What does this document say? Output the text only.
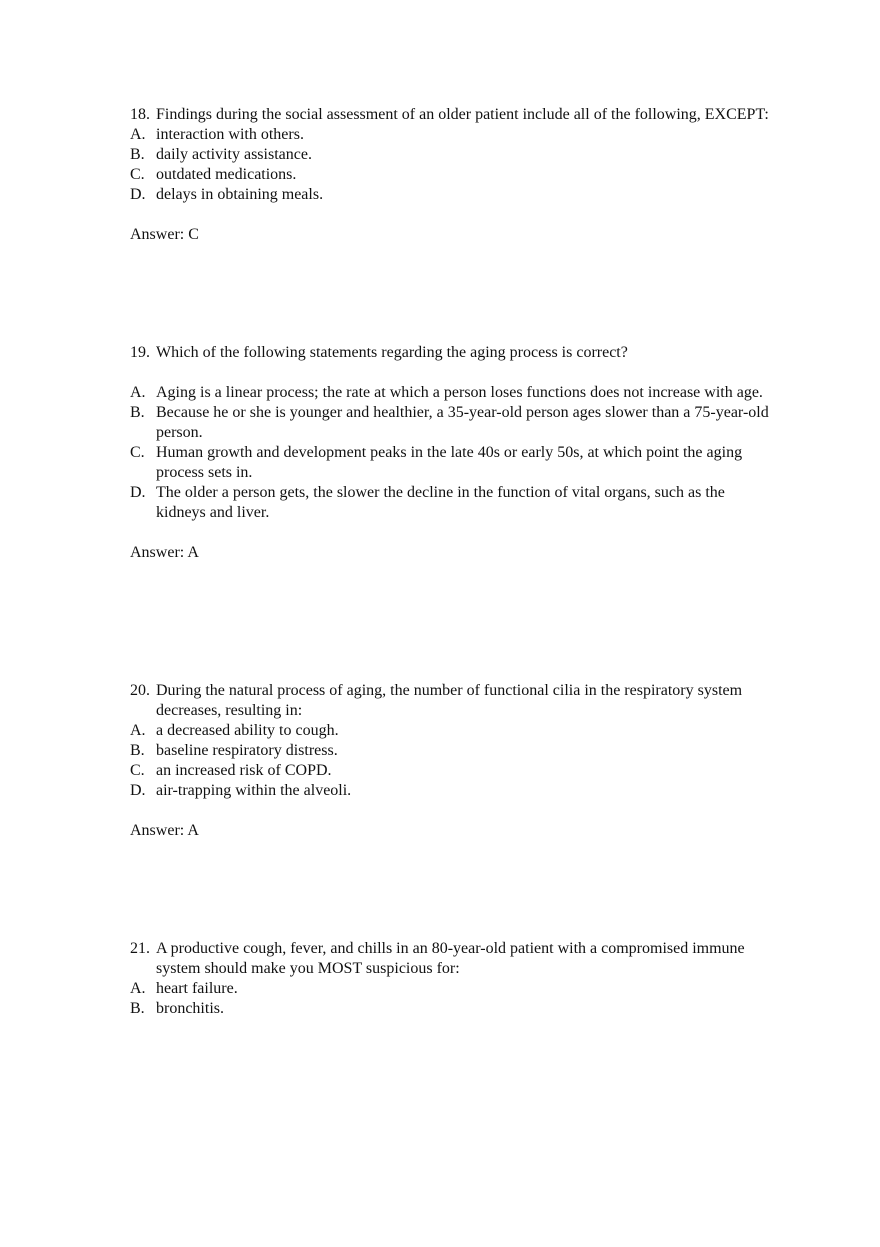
18. Findings during the social assessment of an older patient include all of the following, EXCEPT:
A. interaction with others.
B. daily activity assistance.
C. outdated medications.
D. delays in obtaining meals.
Answer: C
19. Which of the following statements regarding the aging process is correct?
A. Aging is a linear process; the rate at which a person loses functions does not increase with age.
B. Because he or she is younger and healthier, a 35-year-old person ages slower than a 75-year-old person.
C. Human growth and development peaks in the late 40s or early 50s, at which point the aging process sets in.
D. The older a person gets, the slower the decline in the function of vital organs, such as the kidneys and liver.
Answer: A
20. During the natural process of aging, the number of functional cilia in the respiratory system decreases, resulting in:
A. a decreased ability to cough.
B. baseline respiratory distress.
C. an increased risk of COPD.
D. air-trapping within the alveoli.
Answer: A
21. A productive cough, fever, and chills in an 80-year-old patient with a compromised immune system should make you MOST suspicious for:
A. heart failure.
B. bronchitis.
